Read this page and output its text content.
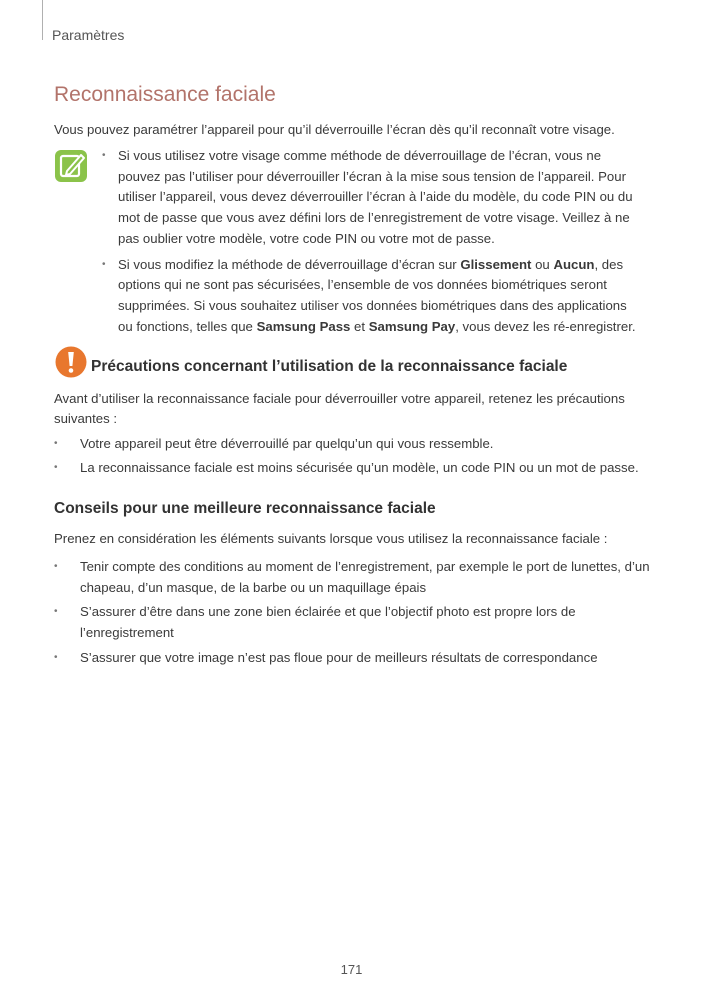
Paramètres
Reconnaissance faciale
Vous pouvez paramétrer l’appareil pour qu’il déverrouille l’écran dès qu’il reconnaît votre visage.
• Si vous utilisez votre visage comme méthode de déverrouillage de l’écran, vous ne pouvez pas l’utiliser pour déverrouiller l’écran à la mise sous tension de l’appareil. Pour utiliser l’appareil, vous devez déverrouiller l’écran à l’aide du modèle, du code PIN ou du mot de passe que vous avez défini lors de l’enregistrement de votre visage. Veillez à ne pas oublier votre modèle, votre code PIN ou votre mot de passe.
• Si vous modifiez la méthode de déverrouillage d’écran sur Glissement ou Aucun, des options qui ne sont pas sécurisées, l’ensemble de vos données biométriques seront supprimées. Si vous souhaitez utiliser vos données biométriques dans des applications ou fonctions, telles que Samsung Pass et Samsung Pay, vous devez les ré-enregistrer.
Précautions concernant l’utilisation de la reconnaissance faciale
Avant d’utiliser la reconnaissance faciale pour déverrouiller votre appareil, retenez les précautions suivantes :
• Votre appareil peut être déverrouillé par quelqu’un qui vous ressemble.
• La reconnaissance faciale est moins sécurisée qu’un modèle, un code PIN ou un mot de passe.
Conseils pour une meilleure reconnaissance faciale
Prenez en considération les éléments suivants lorsque vous utilisez la reconnaissance faciale :
• Tenir compte des conditions au moment de l’enregistrement, par exemple le port de lunettes, d’un chapeau, d’un masque, de la barbe ou un maquillage épais
• S’assurer d’être dans une zone bien éclairée et que l’objectif photo est propre lors de l’enregistrement
• S’assurer que votre image n’est pas floue pour de meilleurs résultats de correspondance
171
